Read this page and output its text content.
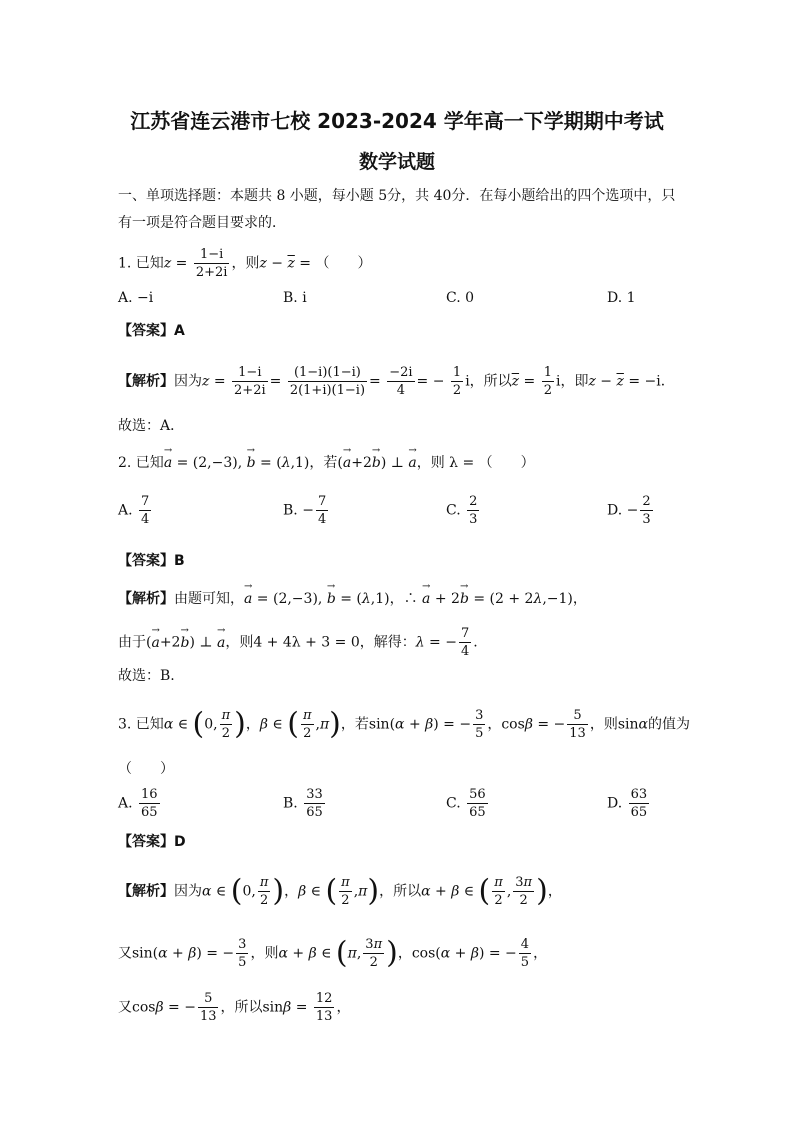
江苏省连云港市七校 2023-2024 学年高一下学期期中考试
数学试题
一、单项选择题：本题共 8 小题，每小题 5分，共 40分．在每小题给出的四个选项中，只
有一项是符合题目要求的．
1. 已知$z = \frac{1-i}{2+2i}$ ，则$z - \overline{z}$ = （　　）
A. −i	B. i	C. 0	D. 1
【答案】A
【解析】因为$z = \frac{1-i}{2+2i} = \frac{(1-i)(1-i)}{2(1+i)(1-i)} = \frac{-2i}{4}$ = − $\frac{1}{2}$ i，所以$\overline{z} = \frac{1}{2}$ i，即$z - \overline{z} = -i$．
故选：A．
2. 已知→ a = (2,−3), → b = (λ,1)，若(→ a+2→ b) ⊥ → a，则 λ = （　　）
A. $\frac{7}{4}$	B. − $\frac{7}{4}$	C. $\frac{2}{3}$	D. − $\frac{2}{3}$
【答案】B
【解析】由题可知，→ a = (2,−3), → b = (λ,1)，∴ → a + 2→ b = (2 + 2λ,−1)，
由于(→ a+2→ b) ⊥ → a，则4 + 4λ + 3 = 0，解得：λ = − $\frac{7}{4}$ .
故选：B.
3. 已知α ∈ (0, $\frac{\pi}{2}$ )，β ∈ ( $\frac{\pi}{2} ,\pi$)，若sin(α + β) = − $\frac{3}{5}$ ，cosβ = − $\frac{5}{13}$ ，则sinα的值为
（　　）
A. $\frac{16}{65}$	B. $\frac{33}{65}$	C. $\frac{56}{65}$	D. $\frac{63}{65}$
【答案】D
【解析】因为α ∈ (0, $\frac{\pi}{2}$ )，β ∈ ( $\frac{\pi}{2} ,\pi$)，所以α + β ∈ ( $\frac{\pi}{2}$ , $\frac{3\pi}{2}$ )，
又sin(α + β) = − $\frac{3}{5}$ ，则α + β ∈ (π, $\frac{3\pi}{2}$ )，cos(α + β) = − $\frac{4}{5}$ ，
又cosβ = − $\frac{5}{13}$ ，所以$\sin\beta = \frac{12}{13}$ ，
